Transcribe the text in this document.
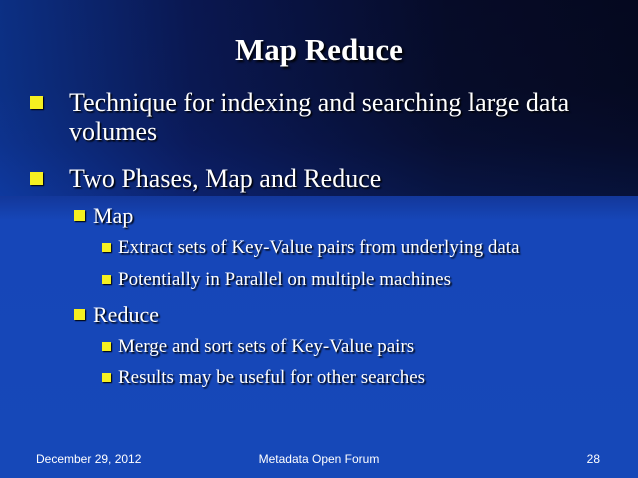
Map Reduce
Technique for indexing and searching large data volumes
Two Phases, Map and Reduce
Map
Extract sets of Key-Value pairs from underlying data
Potentially in Parallel on multiple machines
Reduce
Merge and sort sets of Key-Value pairs
Results may be useful for other searches
December 29, 2012	Metadata Open Forum	28
